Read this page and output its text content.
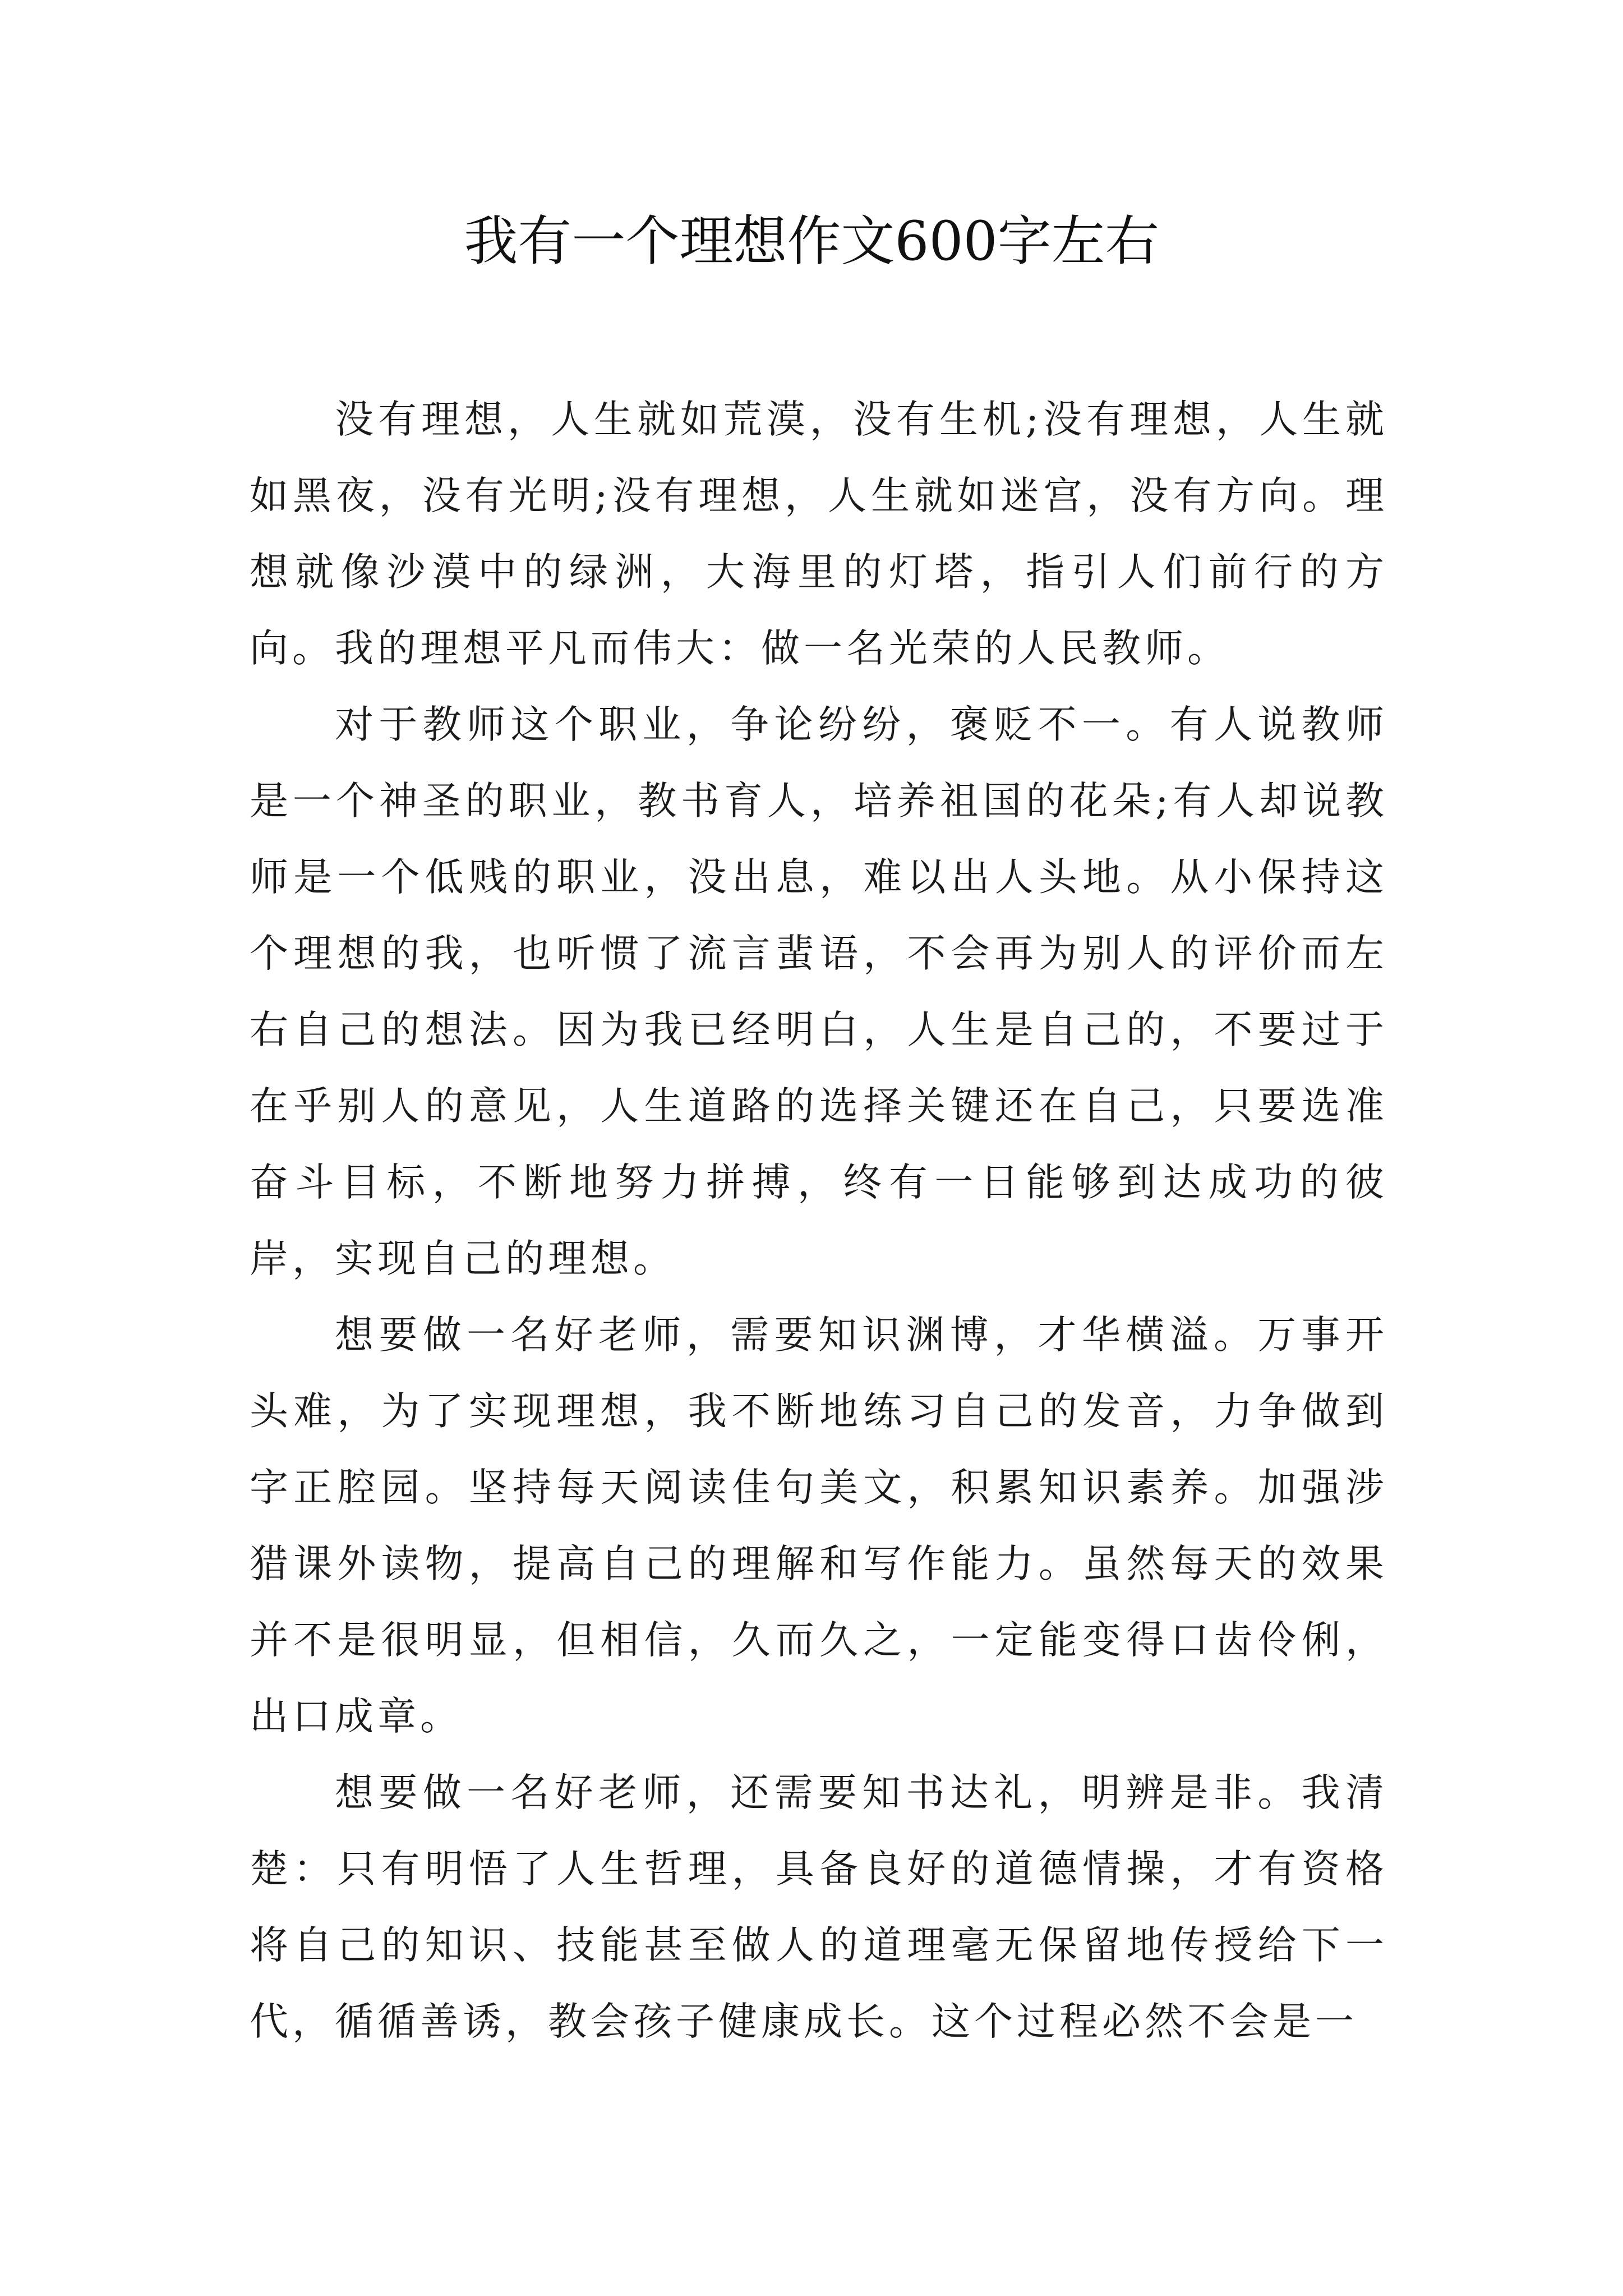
我有一个理想作文600字左右

没有理想，人生就如荒漠，没有生机;没有理想，人生就如黑夜，没有光明;没有理想，人生就如迷宫，没有方向。理想就像沙漠中的绿洲，大海里的灯塔，指引人们前行的方向。我的理想平凡而伟大：做一名光荣的人民教师。

对于教师这个职业，争论纷纷，褒贬不一。有人说教师是一个神圣的职业，教书育人，培养祖国的花朵;有人却说教师是一个低贱的职业，没出息，难以出人头地。从小保持这个理想的我，也听惯了流言蜚语，不会再为别人的评价而左右自己的想法。因为我已经明白，人生是自己的，不要过于在乎别人的意见，人生道路的选择关键还在自己，只要选准奋斗目标，不断地努力拼搏，终有一日能够到达成功的彼岸，实现自己的理想。

想要做一名好老师，需要知识渊博，才华横溢。万事开头难，为了实现理想，我不断地练习自己的发音，力争做到字正腔园。坚持每天阅读佳句美文，积累知识素养。加强涉猎课外读物，提高自己的理解和写作能力。虽然每天的效果并不是很明显，但相信，久而久之，一定能变得口齿伶俐，出口成章。

想要做一名好老师，还需要知书达礼，明辨是非。我清楚：只有明悟了人生哲理，具备良好的道德情操，才有资格将自己的知识、技能甚至做人的道理毫无保留地传授给下一代，循循善诱，教会孩子健康成长。这个过程必然不会是一
